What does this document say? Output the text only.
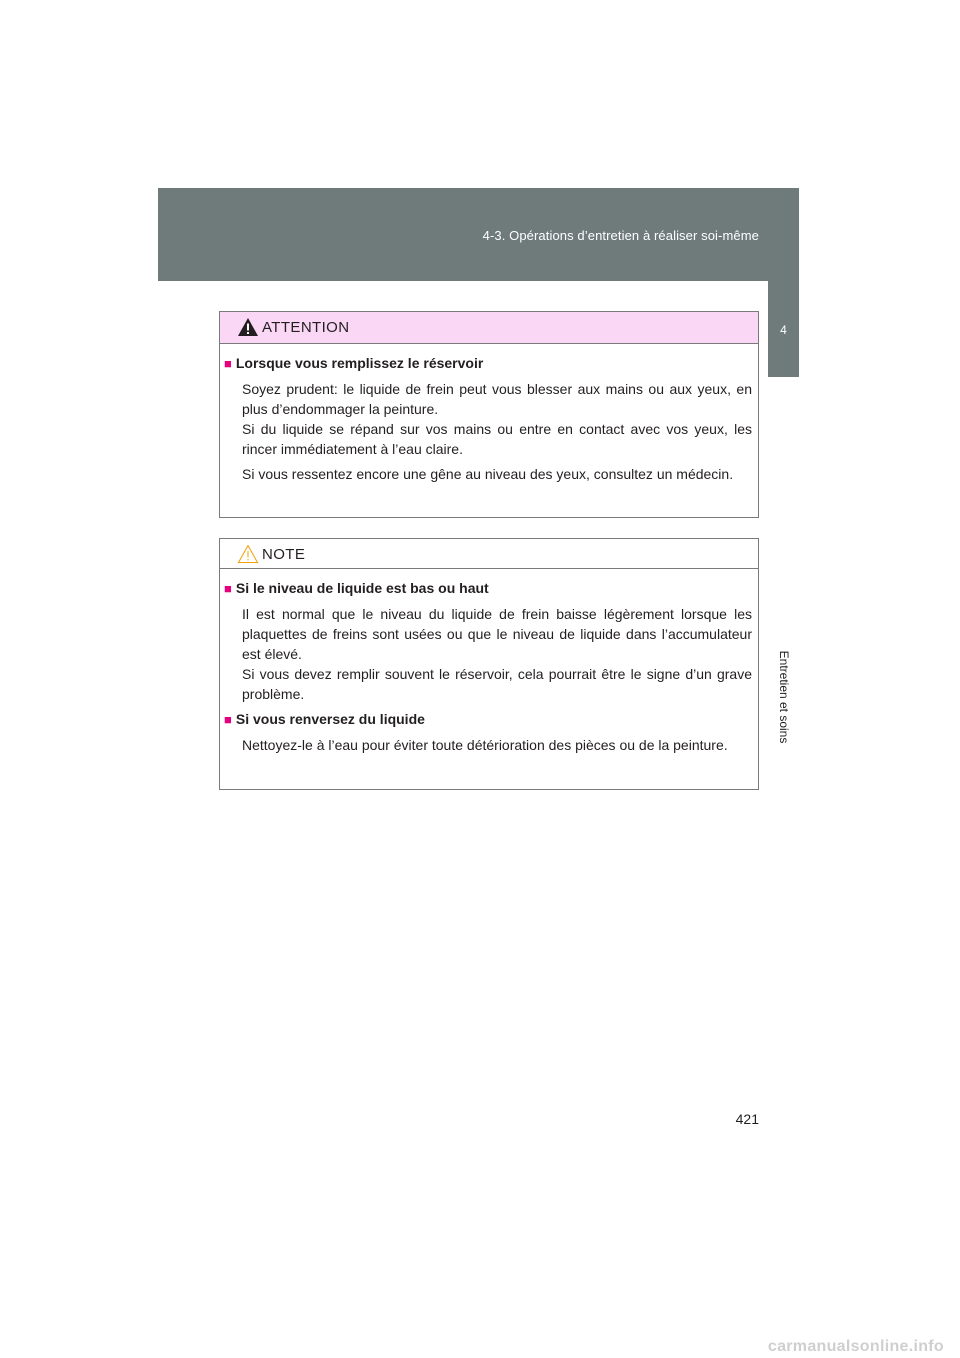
4-3. Opérations d’entretien à réaliser soi-même
4
Entretien et soins
ATTENTION
■ Lorsque vous remplissez le réservoir

Soyez prudent: le liquide de frein peut vous blesser aux mains ou aux yeux, en plus d’endommager la peinture.

Si du liquide se répand sur vos mains ou entre en contact avec vos yeux, les rincer immédiatement à l’eau claire.

Si vous ressentez encore une gêne au niveau des yeux, consultez un médecin.

NOTE
■ Si le niveau de liquide est bas ou haut

Il est normal que le niveau du liquide de frein baisse légèrement lorsque les plaquettes de freins sont usées ou que le niveau de liquide dans l’accumulateur est élevé.

Si vous devez remplir souvent le réservoir, cela pourrait être le signe d’un grave problème.

■ Si vous renversez du liquide

Nettoyez-le à l’eau pour éviter toute détérioration des pièces ou de la peinture.

421
carmanualsonline.info
